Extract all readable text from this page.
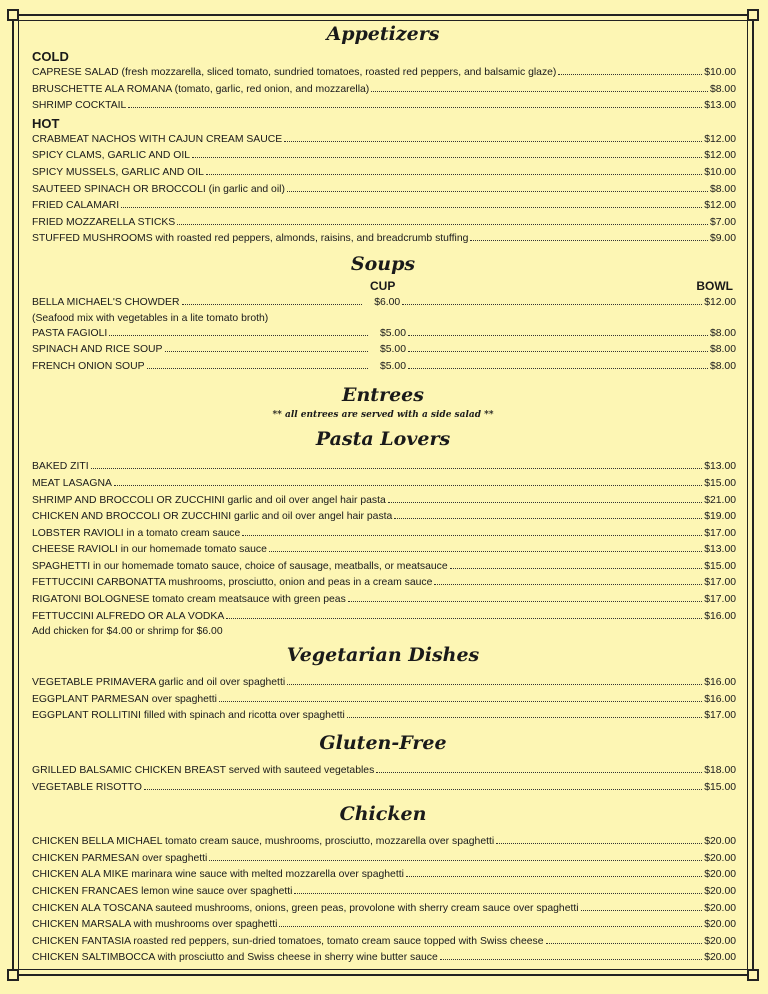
Appetizers
COLD
CAPRESE SALAD (fresh mozzarella, sliced tomato, sundried tomatoes, roasted red peppers, and balsamic glaze)	$10.00
BRUSCHETTE ALA ROMANA (tomato, garlic, red onion, and mozzarella)	$8.00
SHRIMP COCKTAIL	$13.00
HOT
CRABMEAT NACHOS WITH CAJUN CREAM SAUCE	$12.00
SPICY CLAMS, GARLIC AND OIL	$12.00
SPICY MUSSELS, GARLIC AND OIL	$10.00
SAUTEED SPINACH OR BROCCOLI (in garlic and oil)	$8.00
FRIED CALAMARI	$12.00
FRIED MOZZARELLA STICKS	$7.00
STUFFED MUSHROOMS with roasted red peppers, almonds, raisins, and breadcrumb stuffing	$9.00
Soups
CUP	BOWL
BELLA MICHAEL'S CHOWDER	$6.00	$12.00
(Seafood mix with vegetables in a lite tomato broth)
PASTA FAGIOLI	$5.00	$8.00
SPINACH AND RICE SOUP	$5.00	$8.00
FRENCH ONION SOUP	$5.00	$8.00
Entrees
** all entrees are served with a side salad **
Pasta Lovers
BAKED ZITI	$13.00
MEAT LASAGNA	$15.00
SHRIMP AND BROCCOLI OR ZUCCHINI garlic and oil over angel hair pasta	$21.00
CHICKEN AND BROCCOLI OR ZUCCHINI garlic and oil over angel hair pasta	$19.00
LOBSTER RAVIOLI in a tomato cream sauce	$17.00
CHEESE RAVIOLI in our homemade tomato sauce	$13.00
SPAGHETTI in our homemade tomato sauce, choice of sausage, meatballs, or meatsauce	$15.00
FETTUCCINI CARBONATTA mushrooms, prosciutto, onion and peas in a cream sauce	$17.00
RIGATONI BOLOGNESE tomato cream meatsauce with green peas	$17.00
FETTUCCINI ALFREDO OR ALA VODKA	$16.00
Add chicken for $4.00 or shrimp for $6.00
Vegetarian Dishes
VEGETABLE PRIMAVERA garlic and oil over spaghetti	$16.00
EGGPLANT PARMESAN over spaghetti	$16.00
EGGPLANT ROLLITINI filled with spinach and ricotta over spaghetti	$17.00
Gluten-Free
GRILLED BALSAMIC CHICKEN BREAST served with sauteed vegetables	$18.00
VEGETABLE RISOTTO	$15.00
Chicken
CHICKEN BELLA MICHAEL tomato cream sauce, mushrooms, prosciutto, mozzarella over spaghetti	$20.00
CHICKEN PARMESAN over spaghetti	$20.00
CHICKEN ALA MIKE marinara wine sauce with melted mozzarella over spaghetti	$20.00
CHICKEN FRANCAES lemon wine sauce over spaghetti	$20.00
CHICKEN ALA TOSCANA sauteed mushrooms, onions, green peas, provolone with sherry cream sauce over spaghetti	$20.00
CHICKEN MARSALA with mushrooms over spaghetti	$20.00
CHICKEN FANTASIA roasted red peppers, sun-dried tomatoes, tomato cream sauce topped with Swiss cheese	$20.00
CHICKEN SALTIMBOCCA with prosciutto and Swiss cheese in sherry wine butter sauce	$20.00
